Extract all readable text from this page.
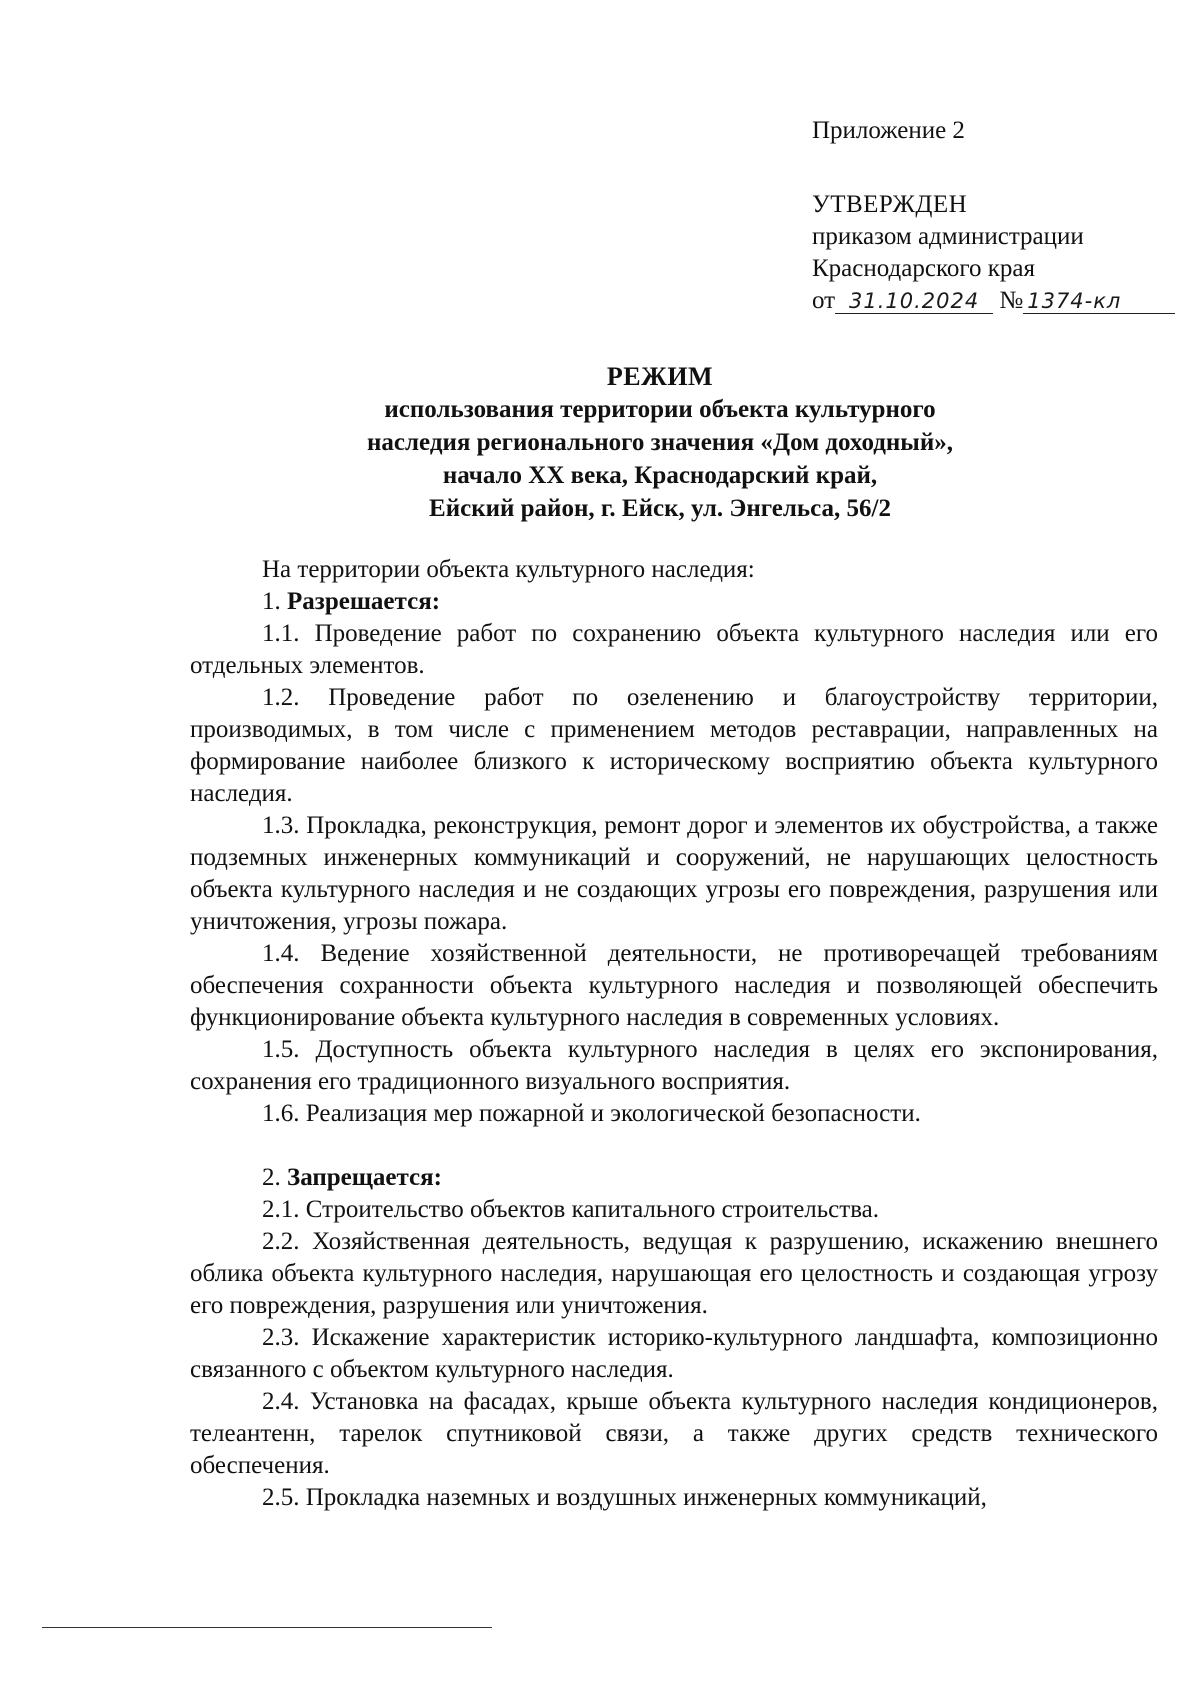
Приложение 2
УТВЕРЖДЕН
приказом администрации
Краснодарского края
от 31.10.2024 № 1374-кл
РЕЖИМ
использования территории объекта культурного
наследия регионального значения «Дом доходный»,
начало XX века, Краснодарский край,
Ейский район, г. Ейск, ул. Энгельса, 56/2

На территории объекта культурного наследия:

1. Разрешается:

1.1. Проведение работ по сохранению объекта культурного наследия или его отдельных элементов.

1.2. Проведение работ по озеленению и благоустройству территории, производимых, в том числе с применением методов реставрации, направленных на формирование наиболее близкого к историческому восприятию объекта культурного наследия.

1.3. Прокладка, реконструкция, ремонт дорог и элементов их обустройства, а также подземных инженерных коммуникаций и сооружений, не нарушающих целостность объекта культурного наследия и не создающих угрозы его повреждения, разрушения или уничтожения, угрозы пожара.

1.4. Ведение хозяйственной деятельности, не противоречащей требованиям обеспечения сохранности объекта культурного наследия и позволяющей обеспечить функционирование объекта культурного наследия в современных условиях.

1.5. Доступность объекта культурного наследия в целях его экспонирования, сохранения его традиционного визуального восприятия.

1.6. Реализация мер пожарной и экологической безопасности.

2. Запрещается:

2.1. Строительство объектов капитального строительства.

2.2. Хозяйственная деятельность, ведущая к разрушению, искажению внешнего облика объекта культурного наследия, нарушающая его целостность и создающая угрозу его повреждения, разрушения или уничтожения.

2.3. Искажение характеристик историко-культурного ландшафта, композиционно связанного с объектом культурного наследия.

2.4. Установка на фасадах, крыше объекта культурного наследия кондиционеров, телеантенн, тарелок спутниковой связи, а также других средств технического обеспечения.

2.5. Прокладка наземных и воздушных инженерных коммуникаций,
